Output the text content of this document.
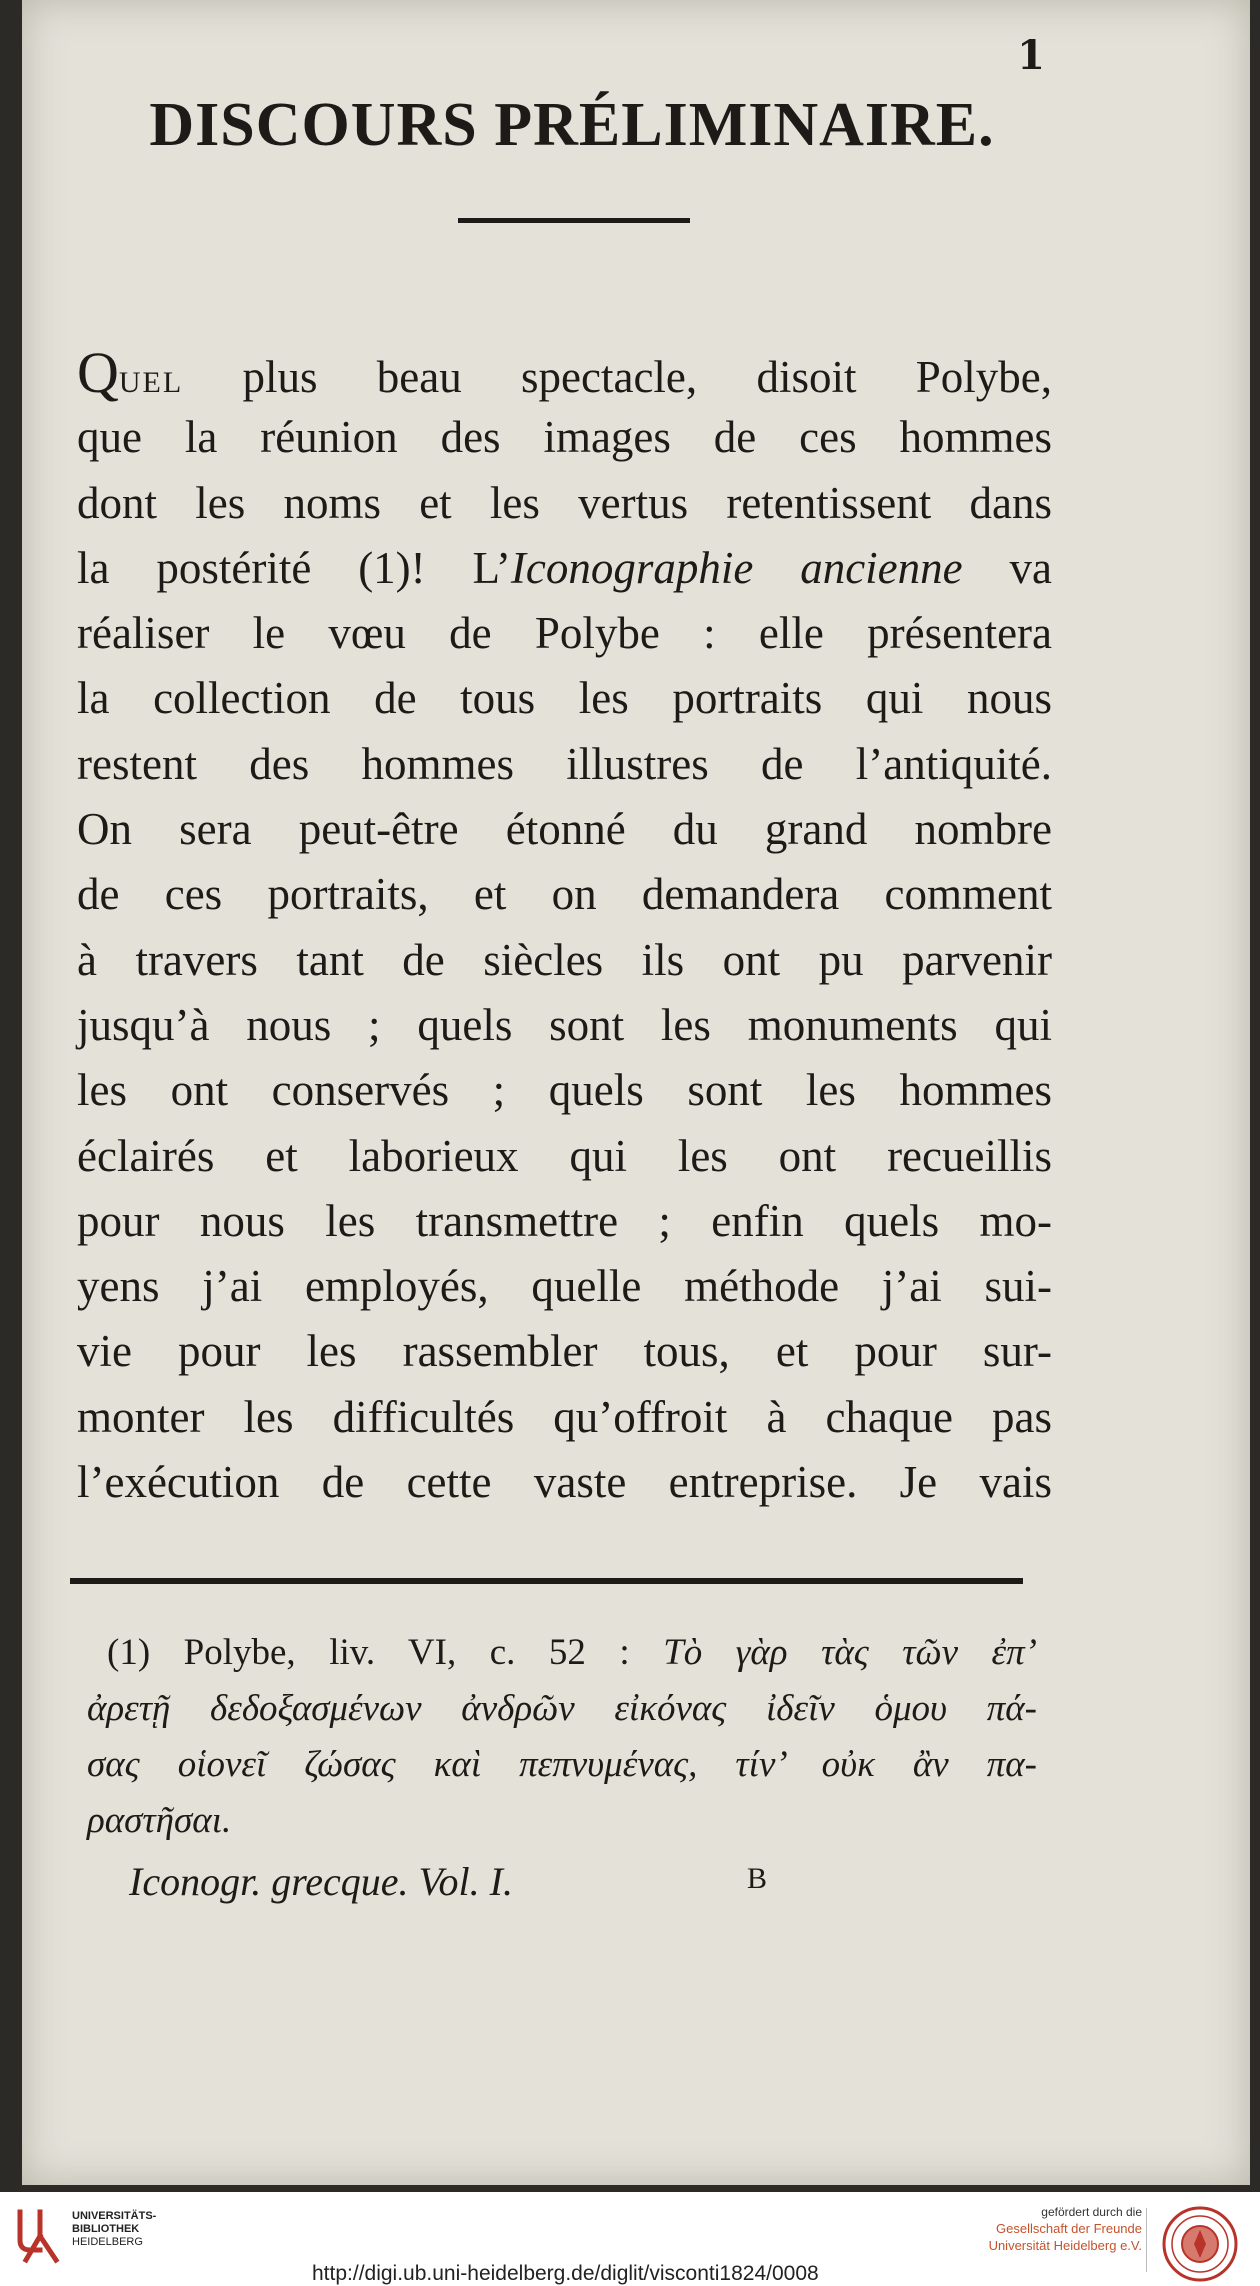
1
DISCOURS PRÉLIMINAIRE.
QUEL plus beau spectacle, disoit Polybe,
que la réunion des images de ces hommes
dont les noms et les vertus retentissent dans
la postérité (1)! L’Iconographie ancienne va
réaliser le vœu de Polybe : elle présentera
la collection de tous les portraits qui nous
restent des hommes illustres de l’antiquité.
On sera peut-être étonné du grand nombre
de ces portraits, et on demandera comment
à travers tant de siècles ils ont pu parvenir
jusqu’à nous ; quels sont les monuments qui
les ont conservés ; quels sont les hommes
éclairés et laborieux qui les ont recueillis
pour nous les transmettre ; enfin quels mo-
yens j’ai employés, quelle méthode j’ai sui-
vie pour les rassembler tous, et pour sur-
monter les difficultés qu’offroit à chaque pas
l’exécution de cette vaste entreprise. Je vais
(1) Polybe, liv. VI, c. 52 : Τὸ γὰρ τὰς τῶν ἐπ’
ἀρετῇ δεδοξασμένων ἀνδρῶν εἰκόνας ἰδεῖν ὁμου πά-
σας οἱονεῖ ζώσας καὶ πεπνυμένας, τίν’ οὐκ ἂν πα-
ραστῆσαι.
Iconogr. grecque. Vol. I.	B
UNIVERSITÄTS-
BIBLIOTHEK
HEIDELBERG
http://digi.ub.uni-heidelberg.de/diglit/visconti1824/0008
gefördert durch die
Gesellschaft der Freunde
Universität Heidelberg e.V.
